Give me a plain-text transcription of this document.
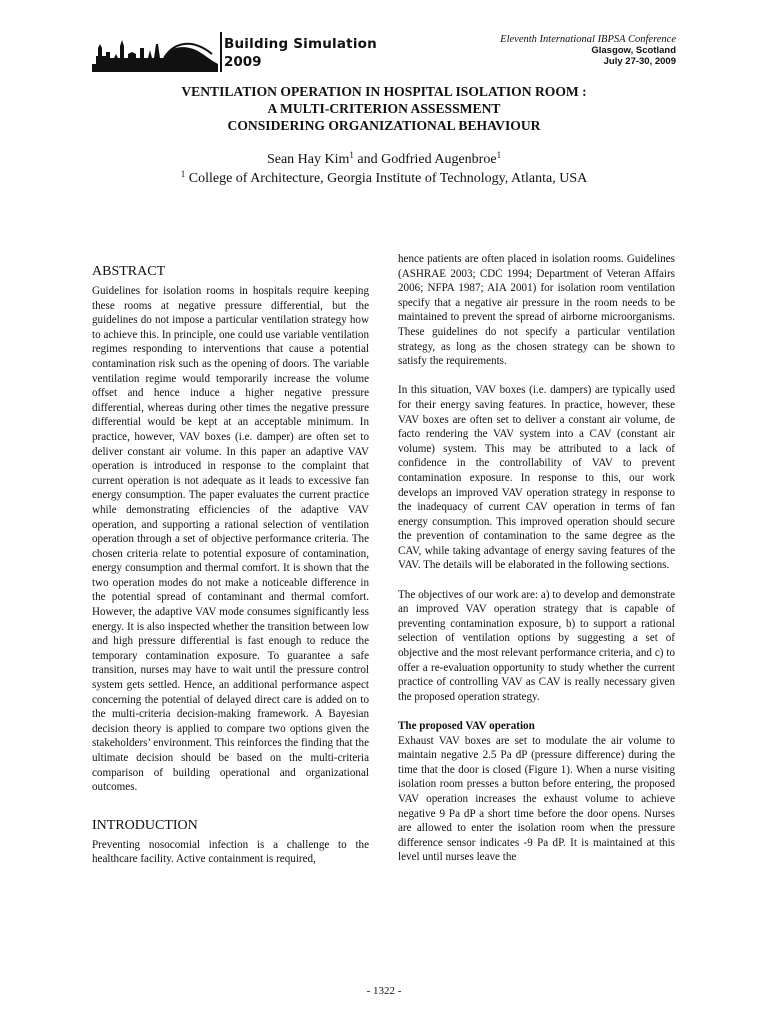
Building Simulation
2009
Eleventh International IBPSA Conference
Glasgow, Scotland
July 27-30, 2009
VENTILATION OPERATION IN HOSPITAL ISOLATION ROOM :
A MULTI-CRITERION ASSESSMENT
CONSIDERING ORGANIZATIONAL BEHAVIOUR
Sean Hay Kim$^1$ and Godfried Augenbroe$^1$
$^1$ College of Architecture, Georgia Institute of Technology, Atlanta, USA
ABSTRACT

Guidelines for isolation rooms in hospitals require keeping these rooms at negative pressure differential, but the guidelines do not impose a particular ventilation strategy how to achieve this. In principle, one could use variable ventilation regimes responding to interventions that cause a potential contamination risk such as the opening of doors. The variable ventilation regime would temporarily increase the volume offset and hence induce a higher negative pressure differential, whereas during other times the negative pressure differential would be kept at an acceptable minimum. In practice, however, VAV boxes (i.e. damper) are often set to deliver constant air volume. In this paper an adaptive VAV operation is introduced in response to the complaint that current operation is not adequate as it leads to excessive fan energy consumption. The paper evaluates the current practice while demonstrating efficiencies of the adaptive VAV operation, and supporting a rational selection of ventilation operation through a set of objective performance criteria. The chosen criteria relate to potential exposure of contamination, energy consumption and thermal comfort. It is shown that the two operation modes do not make a noticeable difference in the potential spread of contaminant and thermal comfort. However, the adaptive VAV mode consumes significantly less energy. It is also inspected whether the transition between low and high pressure differential is fast enough to reduce the temporary contamination exposure. To guarantee a safe transition, nurses may have to wait until the pressure control system gets settled. Hence, an additional performance aspect concerning the potential of delayed direct care is added on to the multi-criteria decision-making framework. A Bayesian decision theory is applied to compare two options given the stakeholders’ environment. This reinforces the finding that the ultimate decision should be based on the multi-criteria comparison of building operational and organizational outcomes.

INTRODUCTION

Preventing nosocomial infection is a challenge to the healthcare facility. Active containment is required,

hence patients are often placed in isolation rooms. Guidelines (ASHRAE 2003; CDC 1994; Department of Veteran Affairs 2006; NFPA 1987; AIA 2001) for isolation room ventilation specify that a negative air pressure in the room needs to be maintained to prevent the spread of airborne microorganisms. These guidelines do not specify a particular ventilation strategy, as long as the chosen strategy can be shown to satisfy the requirements.

In this situation, VAV boxes (i.e. dampers) are typically used for their energy saving features. In practice, however, these VAV boxes are often set to deliver a constant air volume, de facto rendering the VAV system into a CAV (constant air volume) system. This may be attributed to a lack of confidence in the controllability of VAV to prevent contamination exposure. In response to this, our work develops an improved VAV operation strategy in response to the inadequacy of current CAV operation in terms of fan energy consumption. This improved operation should secure the prevention of contamination to the same degree as the CAV, while taking advantage of energy saving features of the VAV. The details will be elaborated in the following sections.

The objectives of our work are: a) to develop and demonstrate an improved VAV operation strategy that is capable of preventing contamination exposure, b) to support a rational selection of ventilation options by suggesting a set of objective and the most relevant performance criteria, and c) to offer a re-evaluation opportunity to study whether the current practice of controlling VAV as CAV is really necessary given the proposed operation strategy.

The proposed VAV operation

Exhaust VAV boxes are set to modulate the air volume to maintain negative 2.5 Pa dP (pressure difference) during the time that the door is closed (Figure 1). When a nurse visiting isolation room presses a button before entering, the proposed VAV operation increases the exhaust volume to achieve negative 9 Pa dP a short time before the door opens. Nurses are allowed to enter the isolation room when the pressure difference sensor indicates -9 Pa dP. It is maintained at this level until nurses leave the

- 1322 -
